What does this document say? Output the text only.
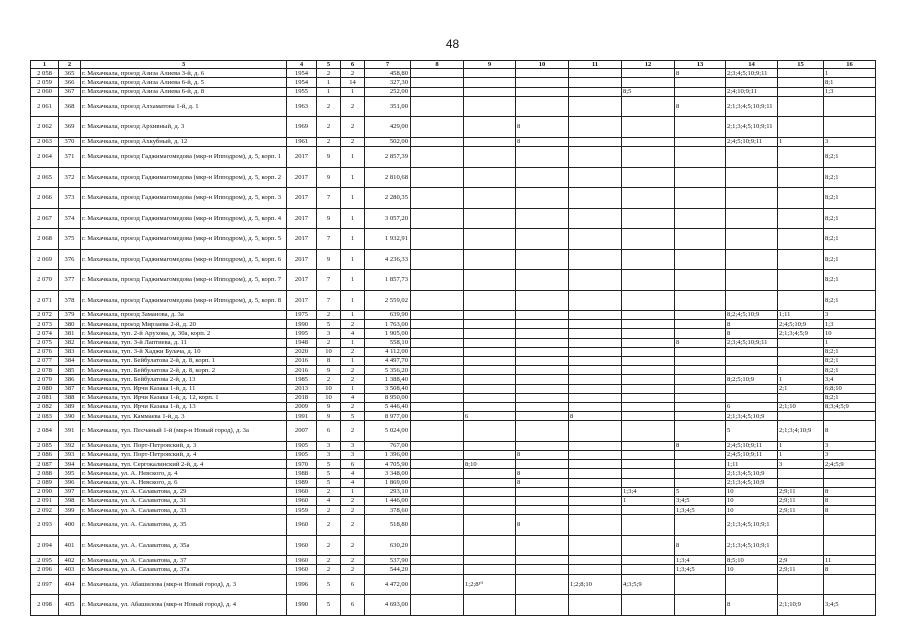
48
1	2	3	4	5	6	7	8	9	10	11	12	13	14	15	16
2 058	365	г. Махачкала, проезд Азиза Алиева 3-й, д. 6	1954	2	2	458,80						8	2;3;4;5;10;9;11		1
2 059	366	г. Махачкала, проезд Азиза Алиева 6-й, д. 5	1954	1	14	327,30									8;1
2 060	367	г. Махачкала, проезд Азиза Алиева 6-й, д. 8	1955	1	1	252,00					8;5		2;4;10;9;11		1;3
2 061	368	г. Махачкала, проезд Алхаматова 1-й, д. 1	1963	2	2	351,00						8	2;1;3;4;5;10;9;11		
2 062	369	г. Махачкала, проезд Архивный, д. 3	1969	2	2	429,00			8				2;1;3;4;5;10;9;11		
2 063	370	г. Махачкала, проезд Ахкубный, д. 12	1961	2	2	502,00			8				2;4;5;10;9;11	1	3
2 064	371	г. Махачкала, проезд Гаджимагомедова (мкр-н Ипподром), д. 5, корп. 1	2017	9	1	2 857,39									8;2;1
2 065	372	г. Махачкала, проезд Гаджимагомедова (мкр-н Ипподром), д. 5, корп. 2	2017	9	1	2 810,68									8;2;1
2 066	373	г. Махачкала, проезд Гаджимагомедова (мкр-н Ипподром), д. 5, корп. 3	2017	7	1	2 280,35									8;2;1
2 067	374	г. Махачкала, проезд Гаджимагомедова (мкр-н Ипподром), д. 5, корп. 4	2017	9	1	3 057,20									8;2;1
2 068	375	г. Махачкала, проезд Гаджимагомедова (мкр-н Ипподром), д. 5, корп. 5	2017	7	1	1 932,91									8;2;1
2 069	376	г. Махачкала, проезд Гаджимагомедова (мкр-н Ипподром), д. 5, корп. 6	2017	9	1	4 236,33									8;2;1
2 070	377	г. Махачкала, проезд Гаджимагомедова (мкр-н Ипподром), д. 5, корп. 7	2017	7	1	1 857,73									8;2;1
2 071	378	г. Махачкала, проезд Гаджимагомедова (мкр-н Ипподром), д. 5, корп. 8	2017	7	1	2 559,02									8;2;1
2 072	379	г. Махачкала, проезд Заманова, д. 3а	1975	2	1	639,90							8;2;4;5;10;9	1;11	3
2 073	380	г. Махачкала, проезд Мирзаева 2-й, д. 20	1990	5	2	1 763,00							8	2;4;5;10;9	1;3
2 074	381	г. Махачкала, туп. 2-й Арухова, д. 30а, корп. 2	1995	3	4	1 905,00							8	2;1;3;4;5;9	10
2 075	382	г. Махачкала, туп. 3-й Лаптиева, д. 11	1948	2	1	558,10						8	2;3;4;5;10;9;11		1
2 076	383	г. Махачкала, туп. 3-й Хаджи Булача, д. 10	2020	10	2	4 112,00									8;2;1
2 077	384	г. Махачкала, туп. Бейбулатова 2-й, д. 8, корп. 1	2016	8	1	4 497,70									8;2;1
2 078	385	г. Махачкала, туп. Бейбулатова 2-й, д. 8, корп. 2	2016	9	2	5 356,20									8;2;1
2 079	386	г. Махачкала, туп. Бейбулатова 2-й, д. 13	1985	2	2	1 388,40							8;2;5;10;9	1	3;4
2 080	387	г. Махачкала, тул. Ирчи Казака 1-й, д. 11	2013	10	1	3 508,40								2;1	6;8;10
2 081	388	г. Махачкала, тул. Ирчи Казака 1-й, д. 12, корп. 1	2018	10	4	8 950,00									8;2;1
2 082	389	г. Махачкала, тул. Ирчи Казака 1-й, д. 13	2009	9	2	5 446,40							6	2;1;10	8;3;4;5;9
2 083	390	г. Махачкала, тул. Каммаева 1-й, д. 3	1991	9	5	8 977,00		6		8			2;1;3;4;5;10;9		
2 084	391	г. Махачкала, тул. Песчаный 1-й (мкр-н Новый город), д. 3а	2007	6	2	5 024,00							5	2;1;3;4;10;9	8
2 085	392	г. Махачкала, тул. Порт-Петровский, д. 3	1905	3	3	767,00						8	2;4;5;10;9;11	1	3
2 086	393	г. Махачкала, тул. Порт-Петровский, д. 4	1905	3	3	1 396,00			8				2;4;5;10;9;11	1	3
2 087	394	г. Махачкала, тул. Сергокалинский 2-й, д. 4	1970	5	6	4 705,90		8;10					1;11	3	2;4;5;9
2 088	395	г. Махачкала, ул. А. Невского, д. 4	1988	5	4	3 348,00			8				2;1;3;4;5;10;9		
2 089	396	г. Махачкала, ул. А. Невского, д. 6	1989	5	4	1 869,00			8				2;1;3;4;5;10;9		
2 090	397	г. Махачкала, ул. А. Салаватова, д. 29	1960	2	1	293,10					1;3;4	5	10	2;9;11	8
2 091	398	г. Махачкала, ул. А. Салаватова, д. 31	1960	4	2	1 446,00					1	3;4;5	10	2;9;11	8
2 092	399	г. Махачкала, ул. А. Салаватова, д. 33	1959	2	2	378,60						1;3;4;5	10	2;9;11	8
2 093	400	г. Махачкала, ул. А. Салаватова, д. 35	1960	2	2	518,80			8				2;1;3;4;5;10;9;1		
2 094	401	г. Махачкала, ул. А. Салаватова, д. 35а	1960	2	2	630,20						8	2;1;3;4;5;10;9;1		
2 095	402	г. Махачкала, ул. А. Салаватова, д. 37	1960	2	2	537,90						1;3;4	8;5;10	2;9	11
2 096	403	г. Махачкала, ул. А. Салаватова, д. 37а	1960	2	2	544,20						1;3;4;5	10	2;9;11	8
2 097	404	г. Махачкала, ул. Абашилова (мкр-н Новый город), д. 3	1996	5	6	4 472,00		1;2;8¹⁰		1;2;8;10	4;3;5;9				
2 098	405	г. Махачкала, ул. Абашилова (мкр-н Новый город), д. 4	1990	5	6	4 693,00							8	2;1;10;9	3;4;5
